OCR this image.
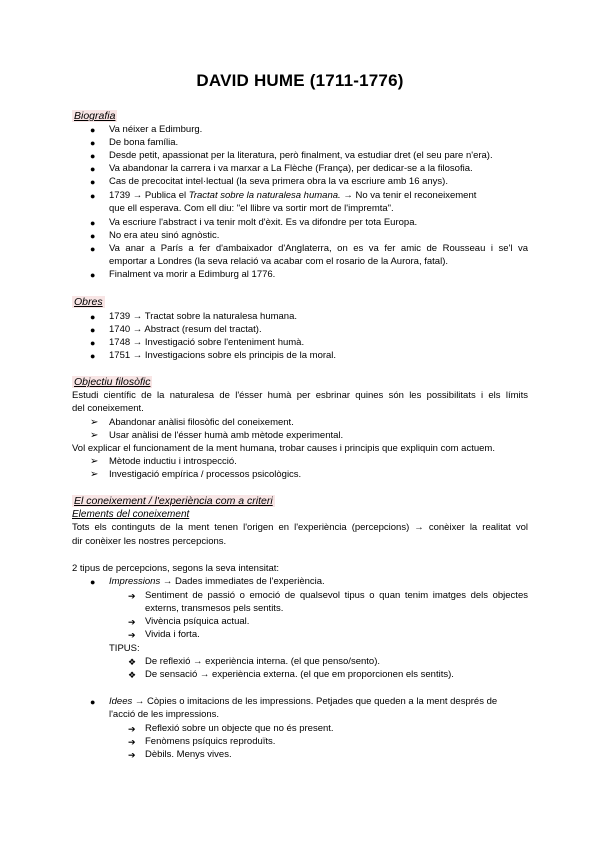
DAVID HUME (1711-1776)
Biografia
● Va néixer a Edimburg.
● De bona família.
● Desde petit, apassionat per la literatura, però finalment, va estudiar dret (el seu pare n'era).
● Va abandonar la carrera i va marxar a La Flèche (França), per dedicar-se a la filosofia.
● Cas de precocitat intel·lectual (la seva primera obra la va escriure amb 16 anys).
● 1739 → Publica el Tractat sobre la naturalesa humana. → No va tenir el reconeixement
que ell esperava. Com ell diu: "el llibre va sortir mort de l'impremta".
● Va escriure l'abstract i va tenir molt d'èxit. Es va difondre per tota Europa.
● No era ateu sinó agnòstic.
● Va anar a París a fer d'ambaixador d'Anglaterra, on es va fer amic de Rousseau i se'l va
emportar a Londres (la seva relació va acabar com el rosario de la Aurora, fatal).
● Finalment va morir a Edimburg al 1776.
Obres
● 1739 → Tractat sobre la naturalesa humana.
● 1740 → Abstract (resum del tractat).
● 1748 → Investigació sobre l'enteniment humà.
● 1751 → Investigacions sobre els principis de la moral.
Objectiu filosòfic
Estudi científic de la naturalesa de l'ésser humà per esbrinar quines són les possibilitats i els límits
del coneixement.
➢ Abandonar anàlisi filosòfic del coneixement.
➢ Usar anàlisi de l'ésser humà amb mètode experimental.
Vol explicar el funcionament de la ment humana, trobar causes i principis que expliquin com actuem.
➢ Mètode inductiu i introspecció.
➢ Investigació empírica / processos psicològics.
El coneixement / l'experiència com a criteri
Elements del coneixement
Tots els continguts de la ment tenen l'origen en l'experiència (percepcions) → conèixer la realitat vol
dir conèixer les nostres percepcions.
2 tipus de percepcions, segons la seva intensitat:
● Impressions → Dades immediates de l'experiència.
➔ Sentiment de passió o emoció de qualsevol tipus o quan tenim imatges dels objectes
externs, transmesos pels sentits.
➔ Vivència psíquica actual.
➔ Vivida i forta.
TIPUS:
❖ De reflexió → experiència interna. (el que penso/sento).
❖ De sensació → experiència externa. (el que em proporcionen els sentits).
● Idees → Còpies o imitacions de les impressions. Petjades que queden a la ment després de
l'acció de les impressions.
➔ Reflexió sobre un objecte que no és present.
➔ Fenòmens psíquics reproduïts.
➔ Dèbils. Menys vives.
